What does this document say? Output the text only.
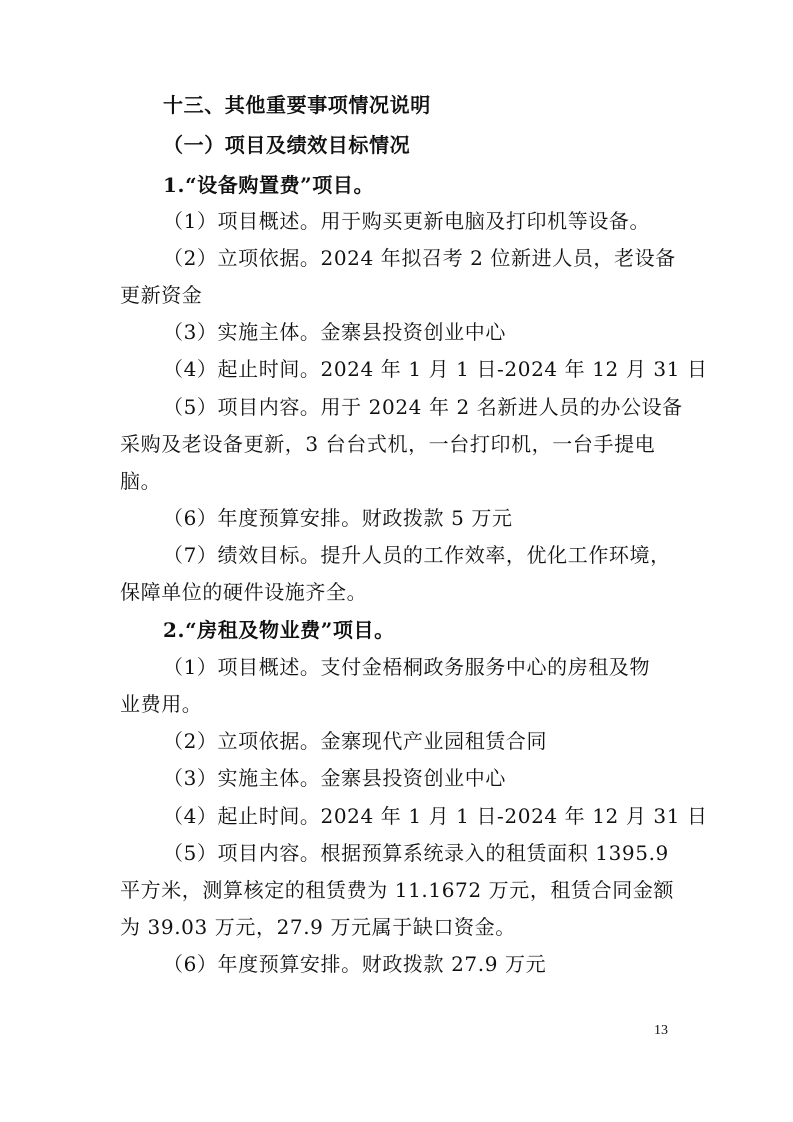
十三、其他重要事项情况说明
（一）项目及绩效目标情况
1.“设备购置费”项目。
（1）项目概述。用于购买更新电脑及打印机等设备。
（2）立项依据。2024 年拟召考 2 位新进人员，老设备
更新资金
（3）实施主体。金寨县投资创业中心
（4）起止时间。2024 年 1 月 1 日-2024 年 12 月 31 日
（5）项目内容。用于 2024 年 2 名新进人员的办公设备
采购及老设备更新，3 台台式机，一台打印机，一台手提电
脑。
（6）年度预算安排。财政拨款 5 万元
（7）绩效目标。提升人员的工作效率，优化工作环境，
保障单位的硬件设施齐全。
2.“房租及物业费”项目。
（1）项目概述。支付金梧桐政务服务中心的房租及物
业费用。
（2）立项依据。金寨现代产业园租赁合同
（3）实施主体。金寨县投资创业中心
（4）起止时间。2024 年 1 月 1 日-2024 年 12 月 31 日
（5）项目内容。根据预算系统录入的租赁面积 1395.9
平方米，测算核定的租赁费为 11.1672 万元，租赁合同金额
为 39.03 万元，27.9 万元属于缺口资金。
（6）年度预算安排。财政拨款 27.9 万元
13
